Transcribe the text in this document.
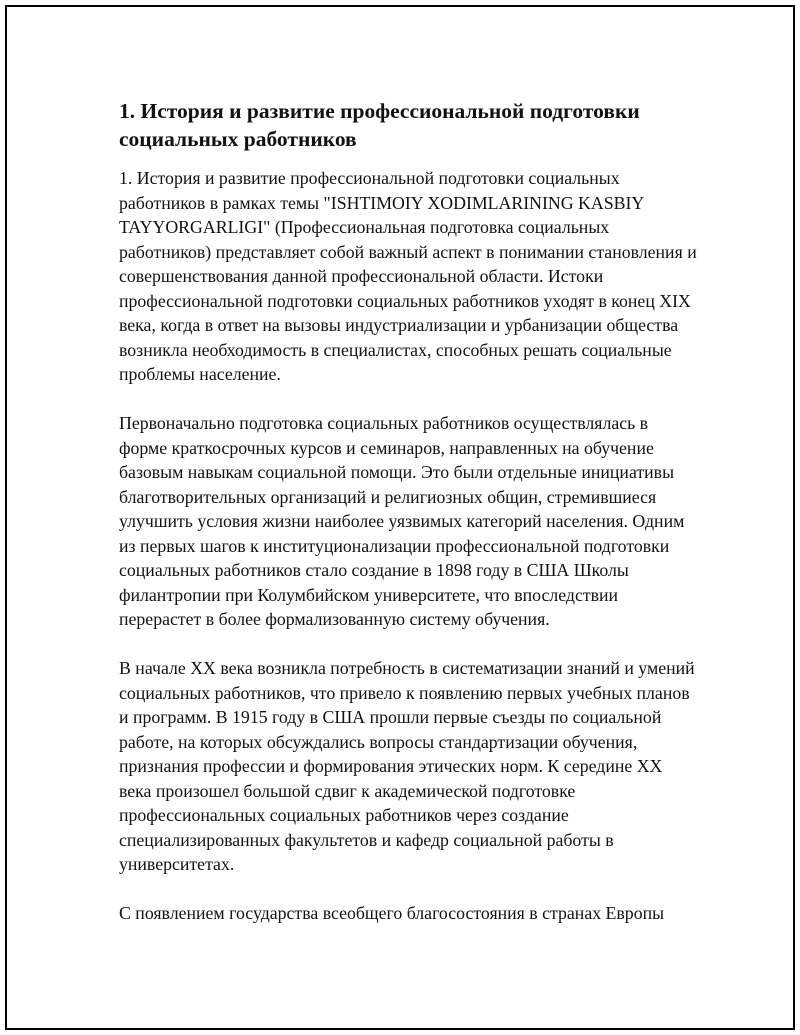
1. История и развитие профессиональной подготовки социальных работников

1. История и развитие профессиональной подготовки социальных работников в рамках темы "ISHTIMOIY XODIMLARINING KASBIY TAYYORGARLIGI" (Профессиональная подготовка социальных работников) представляет собой важный аспект в понимании становления и совершенствования данной профессиональной области. Истоки профессиональной подготовки социальных работников уходят в конец XIX века, когда в ответ на вызовы индустриализации и урбанизации общества возникла необходимость в специалистах, способных решать социальные проблемы население.

Первоначально подготовка социальных работников осуществлялась в форме краткосрочных курсов и семинаров, направленных на обучение базовым навыкам социальной помощи. Это были отдельные инициативы благотворительных организаций и религиозных общин, стремившиеся улучшить условия жизни наиболее уязвимых категорий населения. Одним из первых шагов к институционализации профессиональной подготовки социальных работников стало создание в 1898 году в США Школы филантропии при Колумбийском университете, что впоследствии перерастет в более формализованную систему обучения.

В начале XX века возникла потребность в систематизации знаний и умений социальных работников, что привело к появлению первых учебных планов и программ. В 1915 году в США прошли первые съезды по социальной работе, на которых обсуждались вопросы стандартизации обучения, признания профессии и формирования этических норм. К середине XX века произошел большой сдвиг к академической подготовке профессиональных социальных работников через создание специализированных факультетов и кафедр социальной работы в университетах.

С появлением государства всеобщего благосостояния в странах Европы
